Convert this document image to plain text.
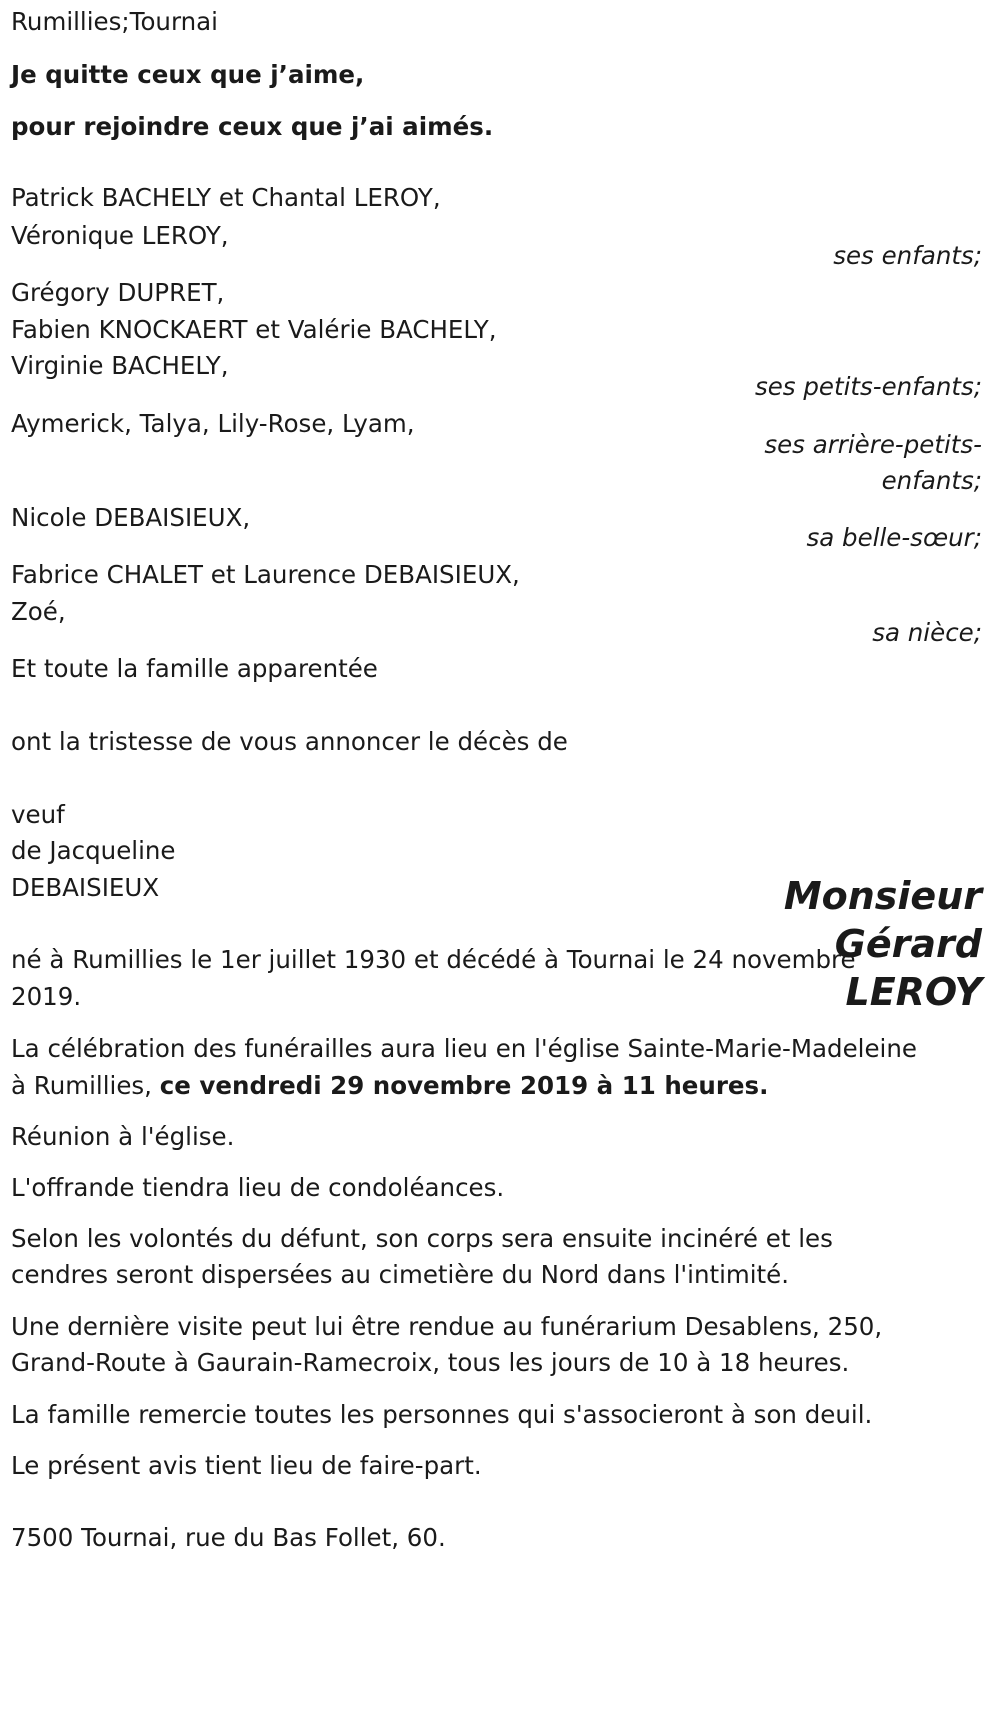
Rumillies;Tournai
Je quitte ceux que j’aime,
pour rejoindre ceux que j’ai aimés.
Patrick BACHELY et Chantal LEROY,
Véronique LEROY,
ses enfants;
Grégory DUPRET,
Fabien KNOCKAERT et Valérie BACHELY,
Virginie BACHELY,
ses petits-enfants;
Aymerick, Talya, Lily-Rose, Lyam,
ses arrière-petits-
enfants;
Nicole DEBAISIEUX,
sa belle-sœur;
Fabrice CHALET et Laurence DEBAISIEUX,
Zoé,
sa nièce;
Et toute la famille apparentée
ont la tristesse de vous annoncer le décès de
veuf
de Jacqueline
DEBAISIEUX	Monsieur
Gérard
LEROY
né à Rumillies le 1er juillet 1930 et décédé à Tournai le 24 novembre
2019.
La célébration des funérailles aura lieu en l'église Sainte-Marie-Madeleine
à Rumillies, ce vendredi 29 novembre 2019 à 11 heures.
Réunion à l'église.
L'offrande tiendra lieu de condoléances.
Selon les volontés du défunt, son corps sera ensuite incinéré et les
cendres seront dispersées au cimetière du Nord dans l'intimité.
Une dernière visite peut lui être rendue au funérarium Desablens, 250,
Grand-Route à Gaurain-Ramecroix, tous les jours de 10 à 18 heures.
La famille remercie toutes les personnes qui s'associeront à son deuil.
Le présent avis tient lieu de faire-part.
7500 Tournai, rue du Bas Follet, 60.
